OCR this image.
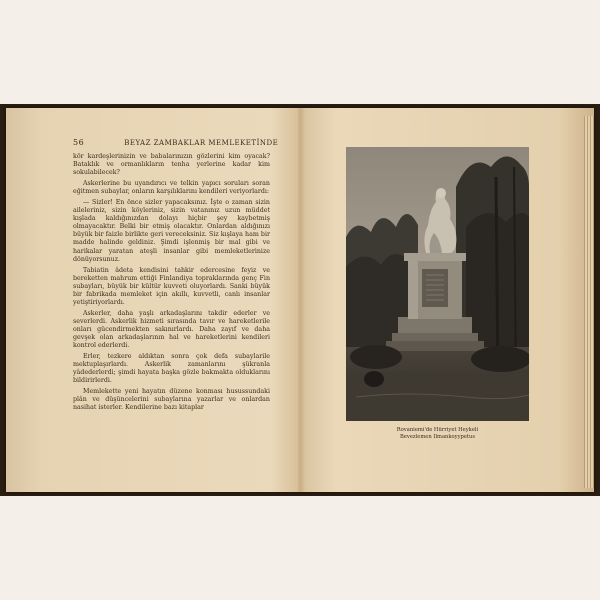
56	BEYAZ ZAMBAKLAR MEMLEKETİNDE

kör kardeşlerinizin ve babalarınızın gözlerini kim oyacak? Bataklık ve ormanlıkların tenha yerlerine kadar kim sokulabilecek?

Askerlerine bu uyandırıcı ve telkin yapıcı soruları soran eğitmen subaylar, onların karşılıklarını kendileri veriyorlardı:

— Sizler! En önce sizler yapacaksınız. İşte o zaman sizin aileleriniz, sizin köyleriniz, sizin vatanınız uzun müddet kışlada kaldığınızdan dolayı hiçbir şey kaybetmiş olmayacaktır. Belki bir etmiş olacaktır. Onlardan aldığınızı büyük bir faizle birlikte geri vereceksiniz. Siz kışlaya ham bir madde halinde geldiniz. Şimdi işlenmiş bir mal gibi ve harikalar yaratan ateşli insanlar gibi memleketlerinize dönüyorsunuz.

Tabiatin âdeta kendisini tahkir edercesine feyiz ve bereketten mahrum ettiği Finlandiya topraklarında genç Fin subayları, büyük bir kültür kuvveti oluyorlardı. Sanki büyük bir fabrikada memleket için akıllı, kuvvetli, canlı insanlar yetiştiriyorlardı.

Askerler, daha yaşlı arkadaşlarını takdir ederler ve severlerdi. Askerlik hizmeti sırasında tavır ve hareketlerile onları gücendirmekten sakınırlardı. Daha zayıf ve daha gevşek olan arkadaşlarının hal ve hareketlerini kendileri kontrol ederlerdi.

Erler, tezkere aldıktan sonra çok defa subaylarile mektuplaşırlardı. Askerlik zamanlarını şükranla yâdederlerdi; şimdi hayata başka gözle bakmakta olduklarını bildirirlerdi.

Memlekette yeni hayatın düzene konması husussundaki plân ve düşüncelerini subaylarına yazarlar ve onlardan nasihat isterler. Kendilerine bazı kitaplar

Rovaniemi'de Hürriyet Heykeli
Bevezlemen Ilmankoyypetus
